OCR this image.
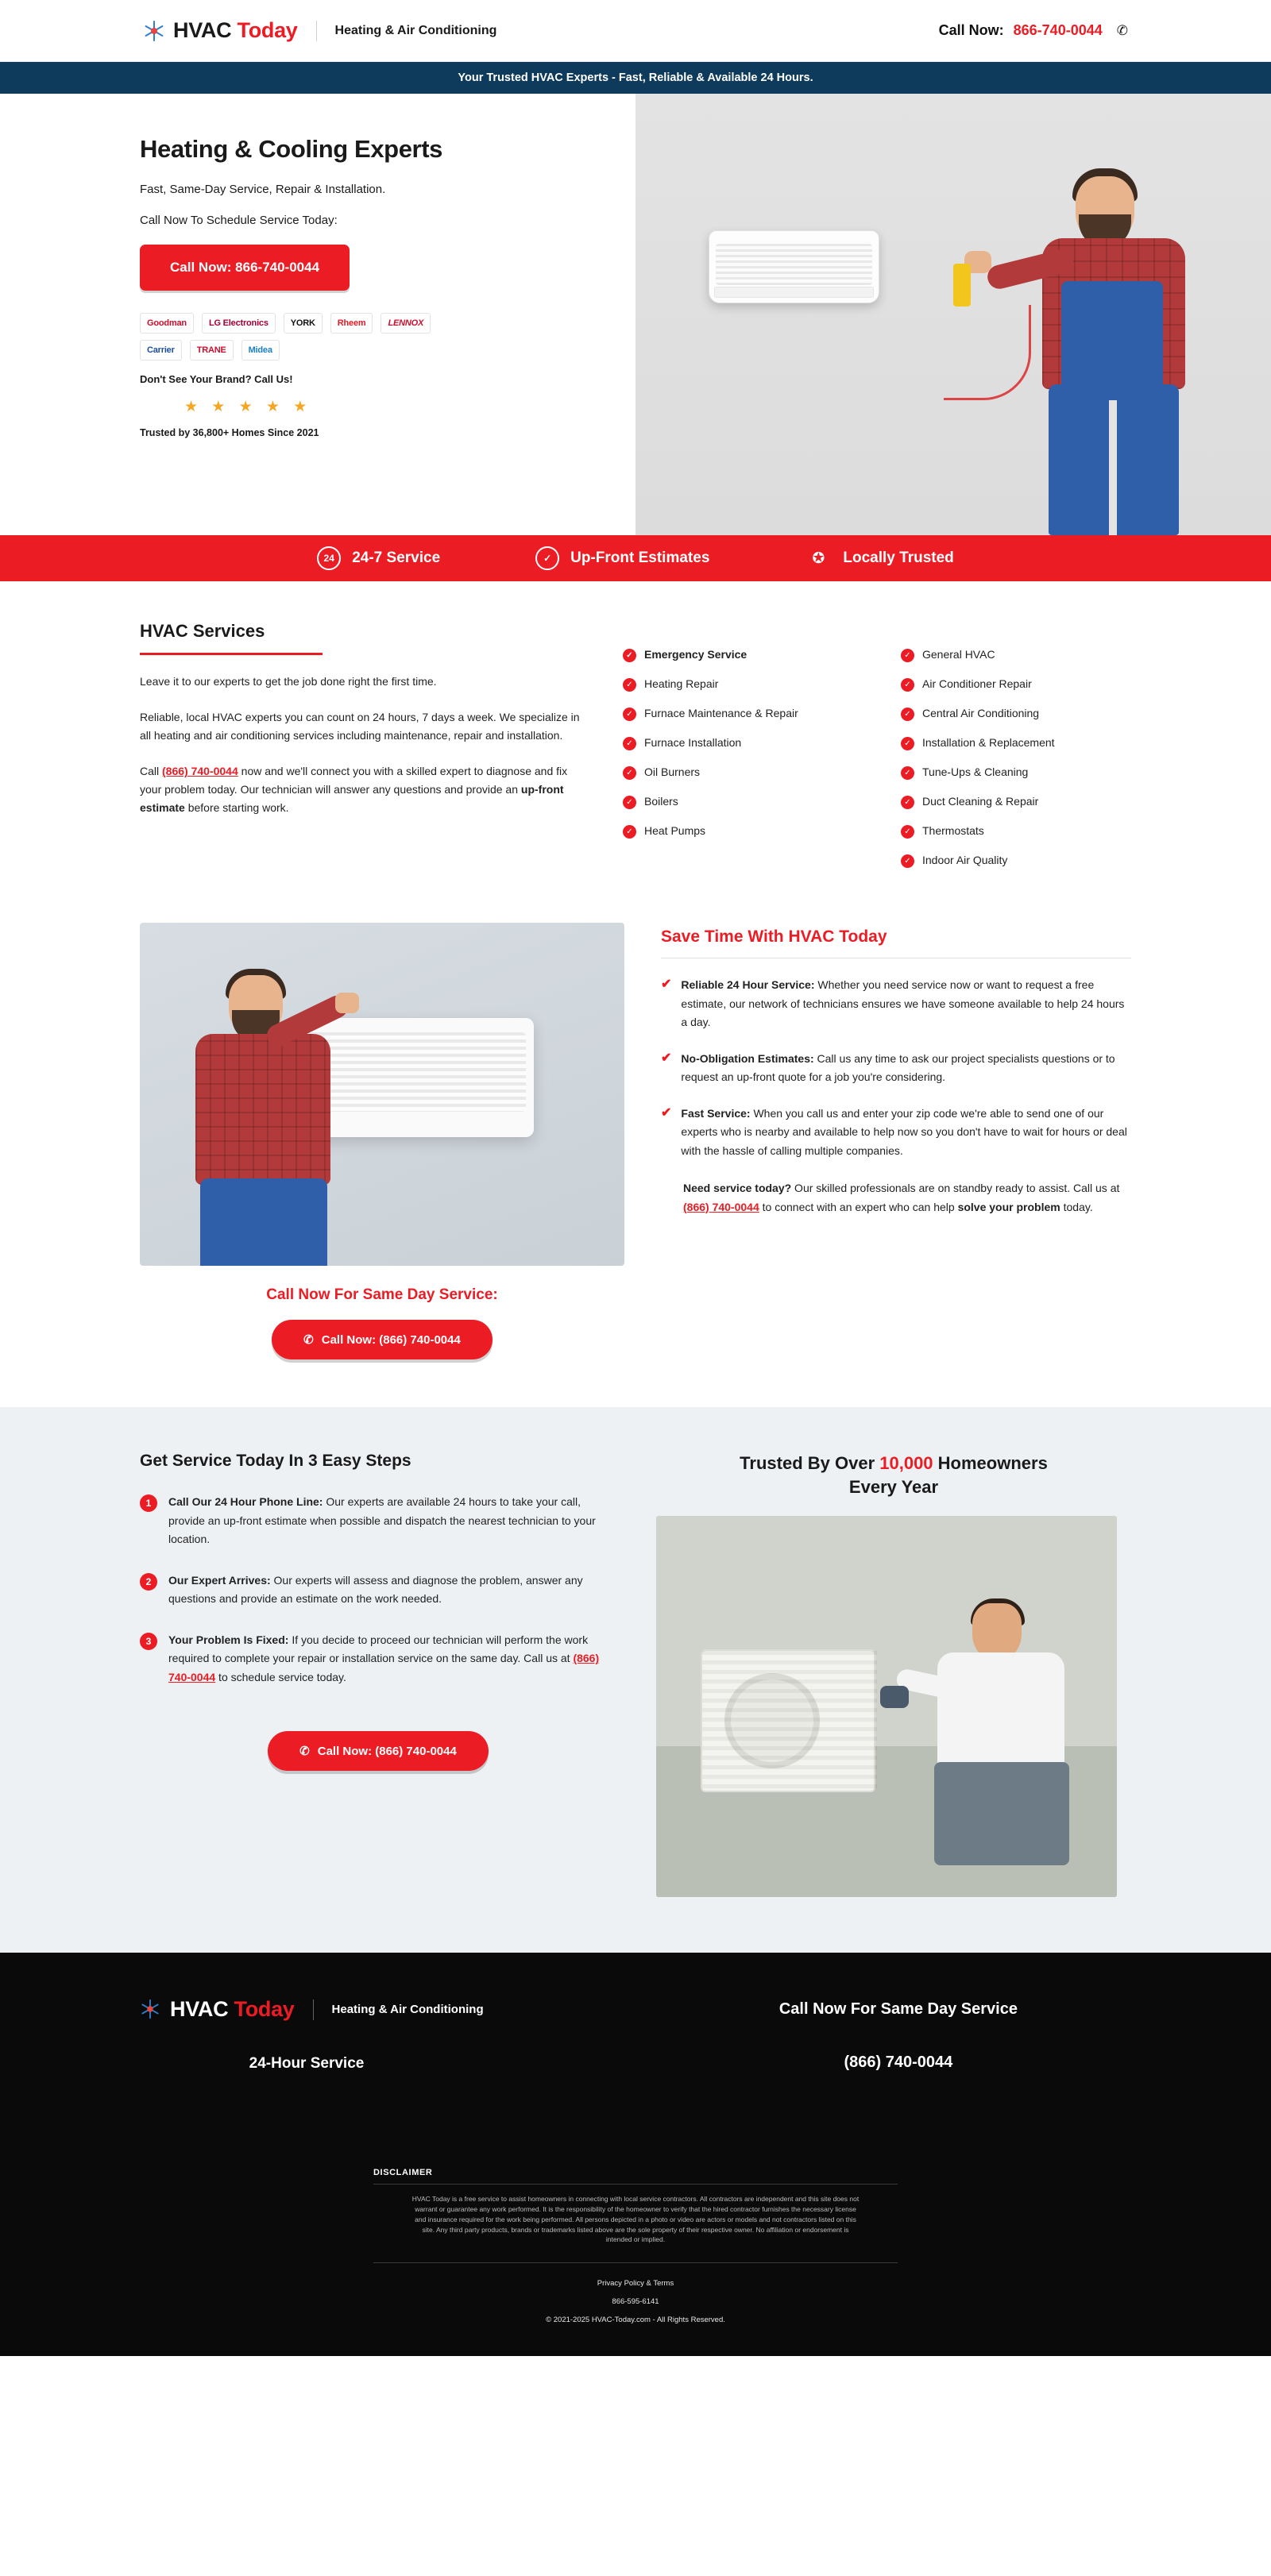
HVAC Today	Heating & Air Conditioning	Call Now: 866-740-0044 ✆
Your Trusted HVAC Experts - Fast, Reliable & Available 24 Hours.
Heating & Cooling Experts
Fast, Same-Day Service, Repair & Installation.
Call Now To Schedule Service Today:
Call Now: 866-740-0044
Goodman	LG Electronics	YORK	Rheem	LENNOX
Carrier	TRANE	Midea
Don't See Your Brand? Call Us!
★ ★ ★ ★ ★
Trusted by 36,800+ Homes Since 2021
24	24-7 Service	✓	Up-Front Estimates	✪	Locally Trusted
HVAC Services

Leave it to our experts to get the job done right the first time.

Reliable, local HVAC experts you can count on 24 hours, 7 days a week. We specialize in all heating and air conditioning services including maintenance, repair and installation.

Call (866) 740-0044 now and we'll connect you with a skilled expert to diagnose and fix your problem today. Our technician will answer any questions and provide an up-front estimate before starting work.

✓	Emergency Service
✓	Heating Repair
✓	Furnace Maintenance & Repair
✓	Furnace Installation
✓	Oil Burners
✓	Boilers
✓	Heat Pumps
✓	General HVAC
✓	Air Conditioner Repair
✓	Central Air Conditioning
✓	Installation & Replacement
✓	Tune-Ups & Cleaning
✓	Duct Cleaning & Repair
✓	Thermostats
✓	Indoor Air Quality
Call Now For Same Day Service:
✆ Call Now: (866) 740-0044
Save Time With HVAC Today
✔ Reliable 24 Hour Service: Whether you need service now or want to request a free estimate, our network of technicians ensures we have someone available to help 24 hours a day.
✔ No-Obligation Estimates: Call us any time to ask our project specialists questions or to request an up-front quote for a job you're considering.
✔ Fast Service: When you call us and enter your zip code we're able to send one of our experts who is nearby and available to help now so you don't have to wait for hours or deal with the hassle of calling multiple companies.
Need service today? Our skilled professionals are on standby ready to assist. Call us at (866) 740-0044 to connect with an expert who can help solve your problem today.
Get Service Today In 3 Easy Steps
1	Call Our 24 Hour Phone Line: Our experts are available 24 hours to take your call, provide an up-front estimate when possible and dispatch the nearest technician to your location.
2	Our Expert Arrives: Our experts will assess and diagnose the problem, answer any questions and provide an estimate on the work needed.
3	Your Problem Is Fixed: If you decide to proceed our technician will perform the work required to complete your repair or installation service on the same day. Call us at (866) 740-0044 to schedule service today.
✆ Call Now: (866) 740-0044
Trusted By Over 10,000 Homeowners
Every Year
HVAC Today	Heating & Air Conditioning
24-Hour Service
Call Now For Same Day Service
(866) 740-0044
DISCLAIMER
HVAC Today is a free service to assist homeowners in connecting with local service contractors. All contractors are independent and this site does not warrant or guarantee any work performed. It is the responsibility of the homeowner to verify that the hired contractor furnishes the necessary license and insurance required for the work being performed. All persons depicted in a photo or video are actors or models and not contractors listed on this site. Any third party products, brands or trademarks listed above are the sole property of their respective owner. No affiliation or endorsement is intended or implied.
Privacy Policy & Terms
866-595-6141
© 2021-2025 HVAC-Today.com - All Rights Reserved.
